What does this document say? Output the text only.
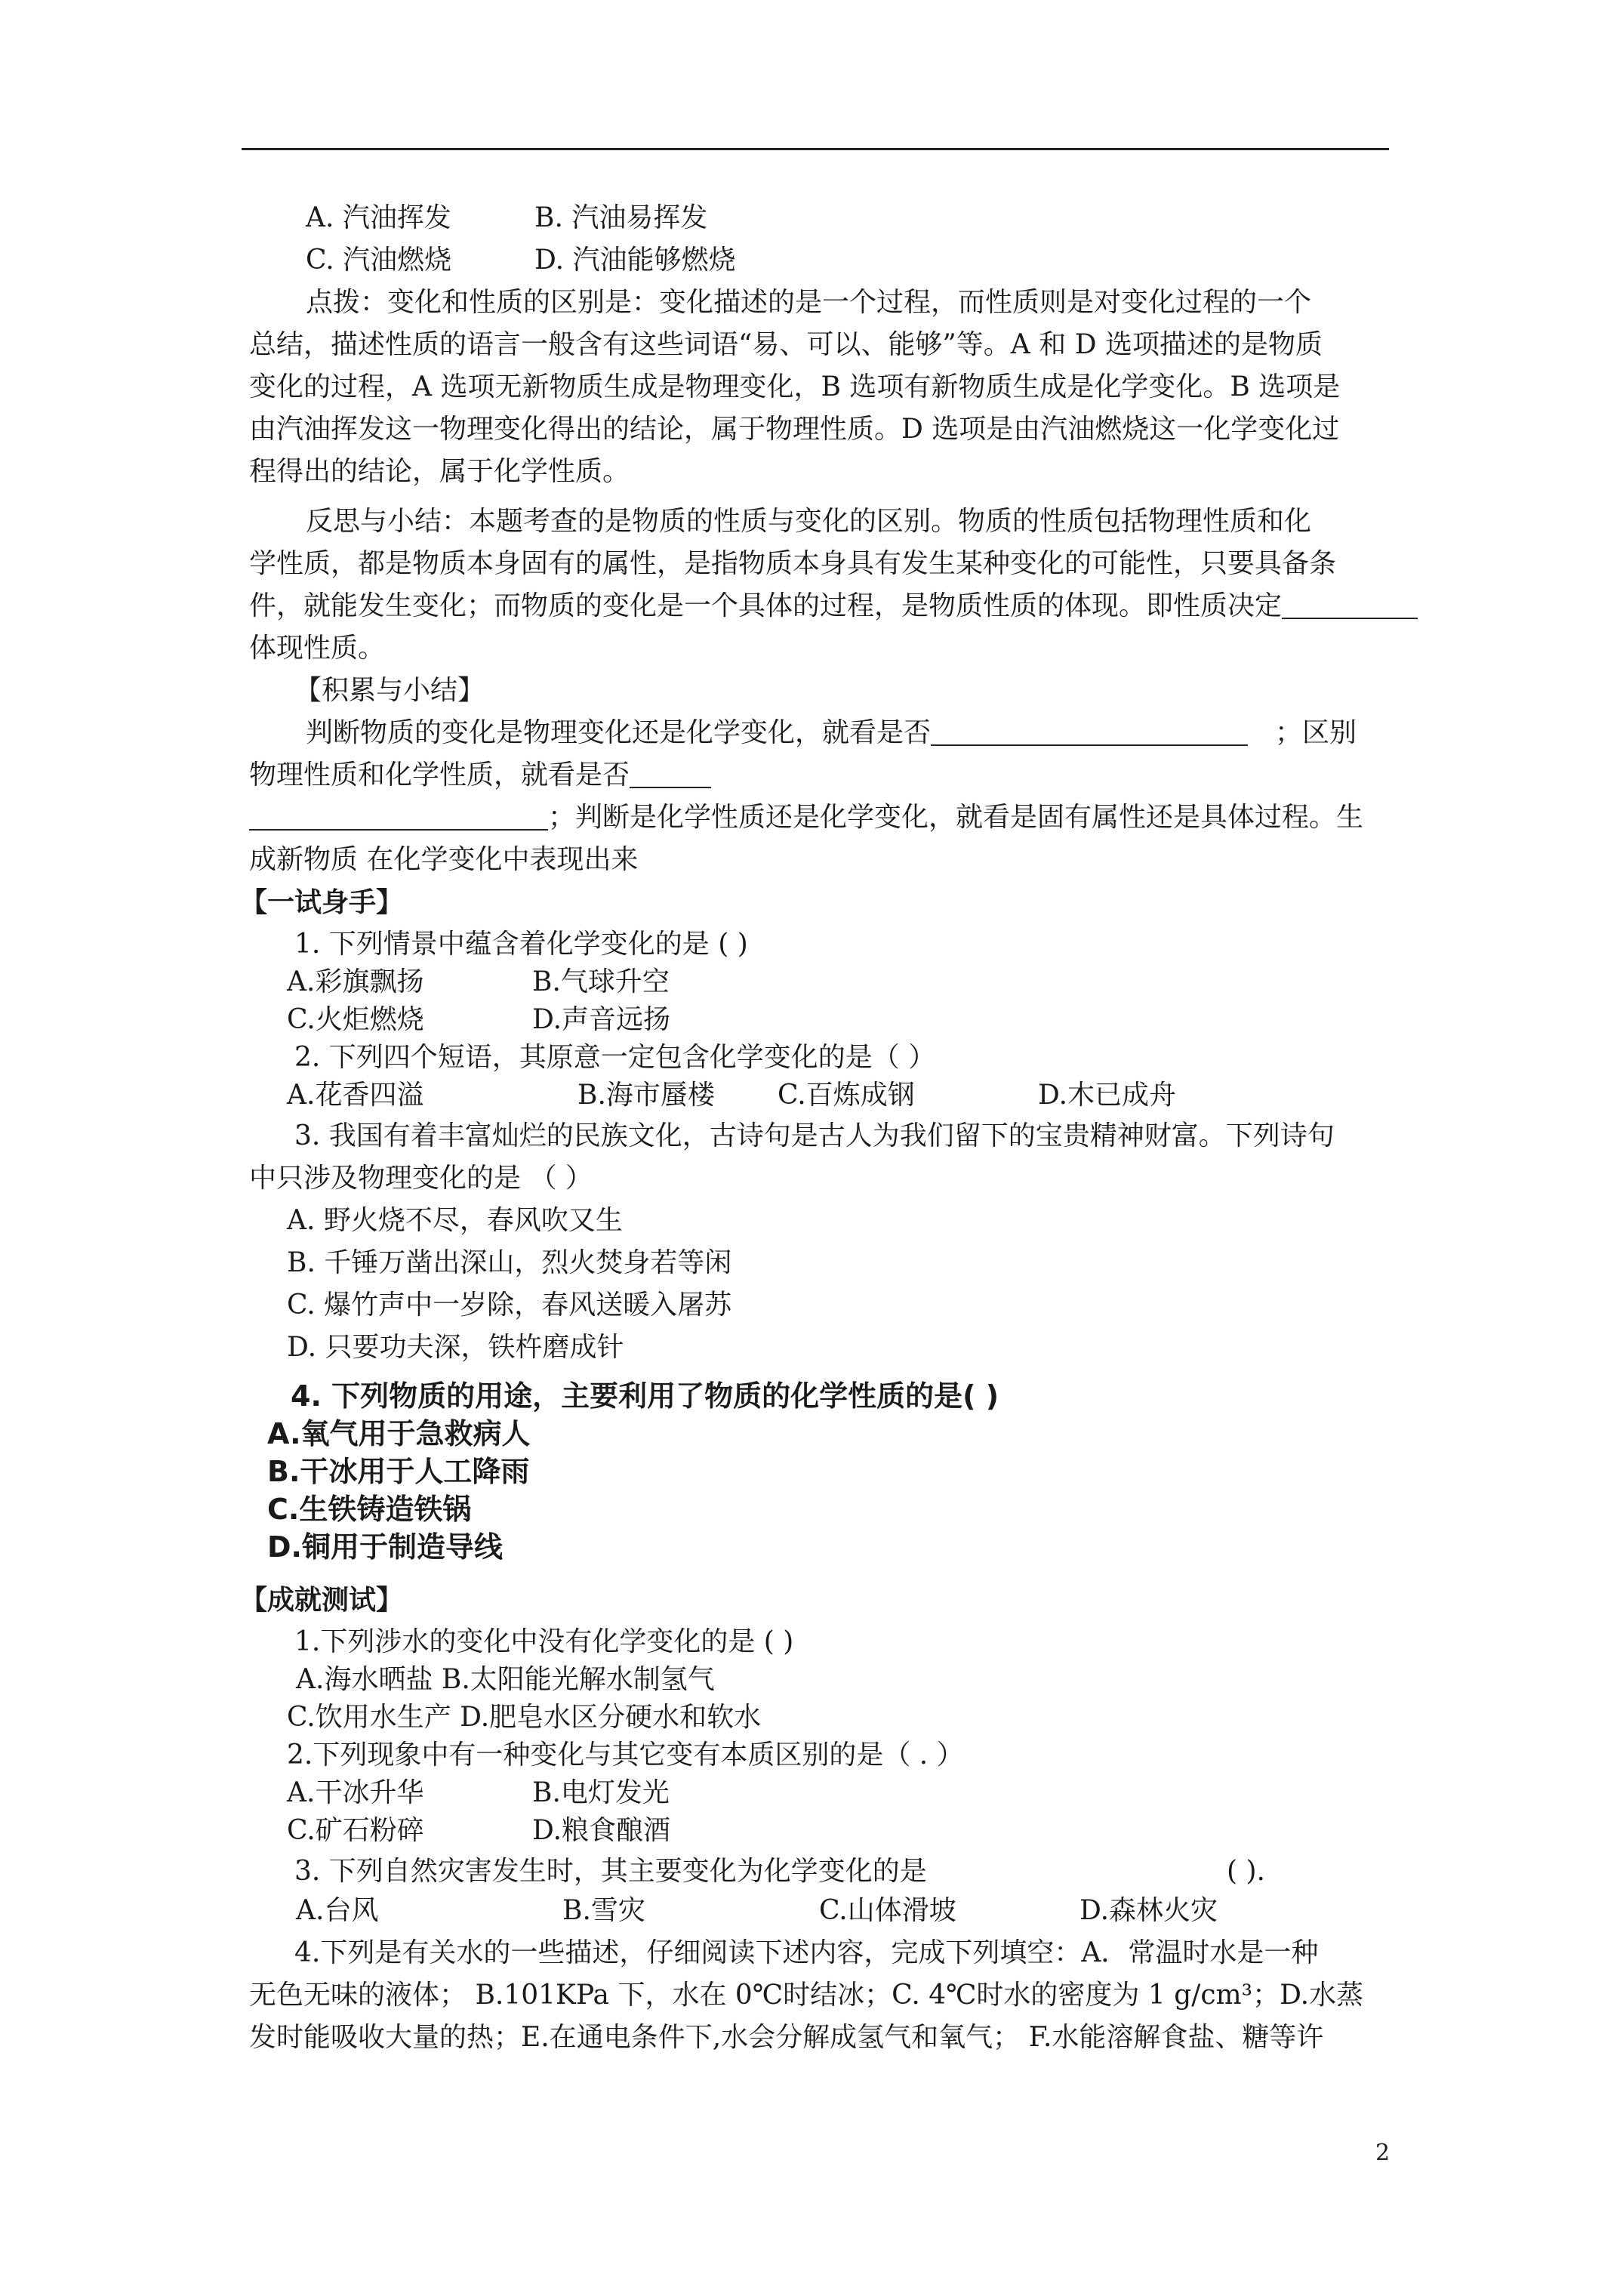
A. 汽油挥发	B. 汽油易挥发
C. 汽油燃烧	D. 汽油能够燃烧
点拨：变化和性质的区别是：变化描述的是一个过程，而性质则是对变化过程的一个
总结，描述性质的语言一般含有这些词语“易、可以、能够”等。A 和 D 选项描述的是物质
变化的过程，A 选项无新物质生成是物理变化，B 选项有新物质生成是化学变化。B 选项是
由汽油挥发这一物理变化得出的结论，属于物理性质。D 选项是由汽油燃烧这一化学变化过
程得出的结论，属于化学性质。
反思与小结：本题考查的是物质的性质与变化的区别。物质的性质包括物理性质和化
学性质，都是物质本身固有的属性，是指物质本身具有发生某种变化的可能性，只要具备条
件，就能发生变化；而物质的变化是一个具体的过程，是物质性质的体现。即性质决定
体现性质。
【积累与小结】
判断物质的变化是物理变化还是化学变化，就看是否	；区别
物理性质和化学性质，就看是否
；判断是化学性质还是化学变化，就看是固有属性还是具体过程。生
成新物质 在化学变化中表现出来
【一试身手】
1. 下列情景中蕴含着化学变化的是 ( )
A.彩旗飘扬	B.气球升空
C.火炬燃烧	D.声音远扬
2. 下列四个短语，其原意一定包含化学变化的是（ ）
A.花香四溢	B.海市蜃楼 C.百炼成钢	D.木已成舟
3. 我国有着丰富灿烂的民族文化，古诗句是古人为我们留下的宝贵精神财富。下列诗句
中只涉及物理变化的是 （ ）
A. 野火烧不尽，春风吹又生
B. 千锤万凿出深山，烈火焚身若等闲
C. 爆竹声中一岁除，春风送暖入屠苏
D. 只要功夫深，铁杵磨成针
4. 下列物质的用途，主要利用了物质的化学性质的是( )
A.氧气用于急救病人
B.干冰用于人工降雨
C.生铁铸造铁锅
D.铜用于制造导线
【成就测试】
1.下列涉水的变化中没有化学变化的是 ( )
A.海水晒盐 B.太阳能光解水制氢气
C.饮用水生产 D.肥皂水区分硬水和软水
2.下列现象中有一种变化与其它变有本质区别的是（ . ）
A.干冰升华	B.电灯发光
C.矿石粉碎	D.粮食酿酒
3. 下列自然灾害发生时，其主要变化为化学变化的是	( ).
A.台风	B.雪灾	C.山体滑坡	D.森林火灾
4.下列是有关水的一些描述，仔细阅读下述内容，完成下列填空：A．常温时水是一种
无色无味的液体； B.101KPa 下，水在 0℃时结冰；C. 4℃时水的密度为 1 g/cm³；D.水蒸
发时能吸收大量的热；E.在通电条件下,水会分解成氢气和氧气； F.水能溶解食盐、糖等许
2
